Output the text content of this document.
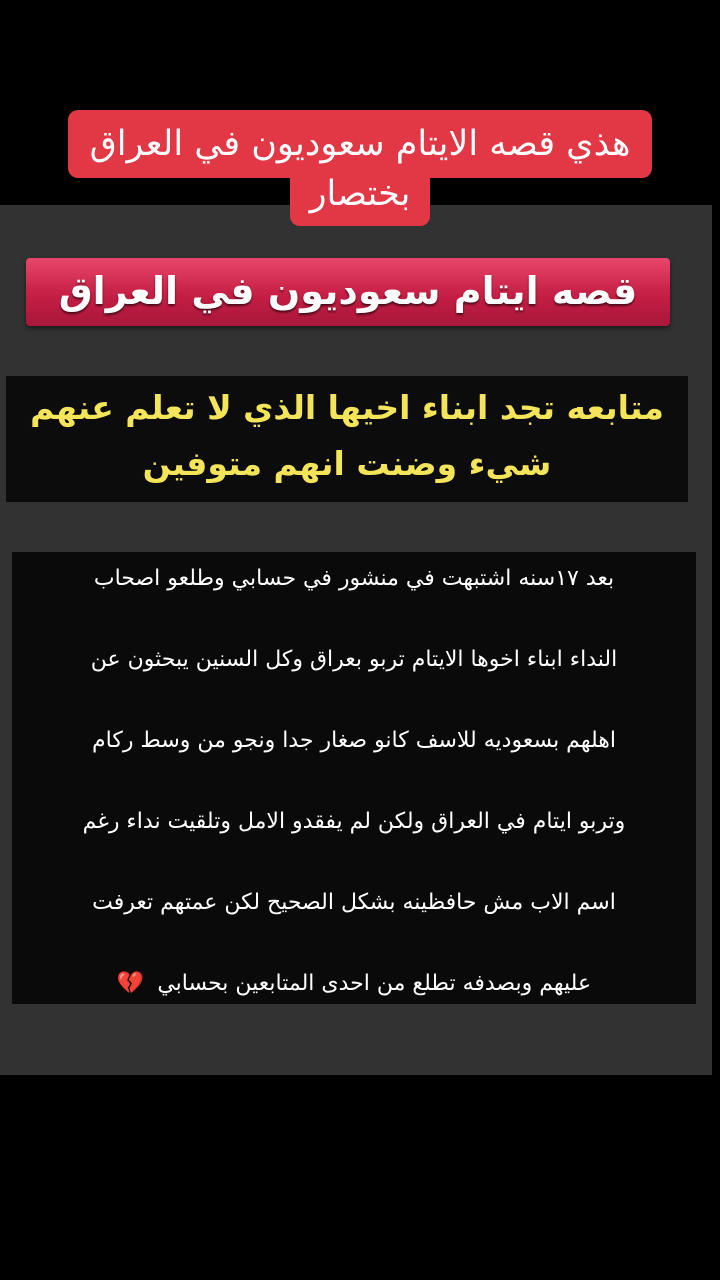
هذي قصه الايتام سعوديون في العراق
بختصار
قصه ايتام سعوديون في العراق
متابعه تجد ابناء اخيها الذي لا تعلم عنهم
شيء وضنت انهم متوفين
بعد ١٧سنه اشتبهت في منشور في حسابي وطلعو اصحاب
النداء ابناء اخوها الايتام تربو بعراق وكل السنين يبحثون عن
اهلهم بسعوديه للاسف كانو صغار جدا ونجو من وسط ركام
وتربو ايتام في العراق ولكن لم يفقدو الامل وتلقيت نداء رغم
اسم الاب مش حافظينه بشكل الصحيح لكن عمتهم تعرفت
عليهم وبصدفه تطلع من احدى المتابعين بحسابي 💔
